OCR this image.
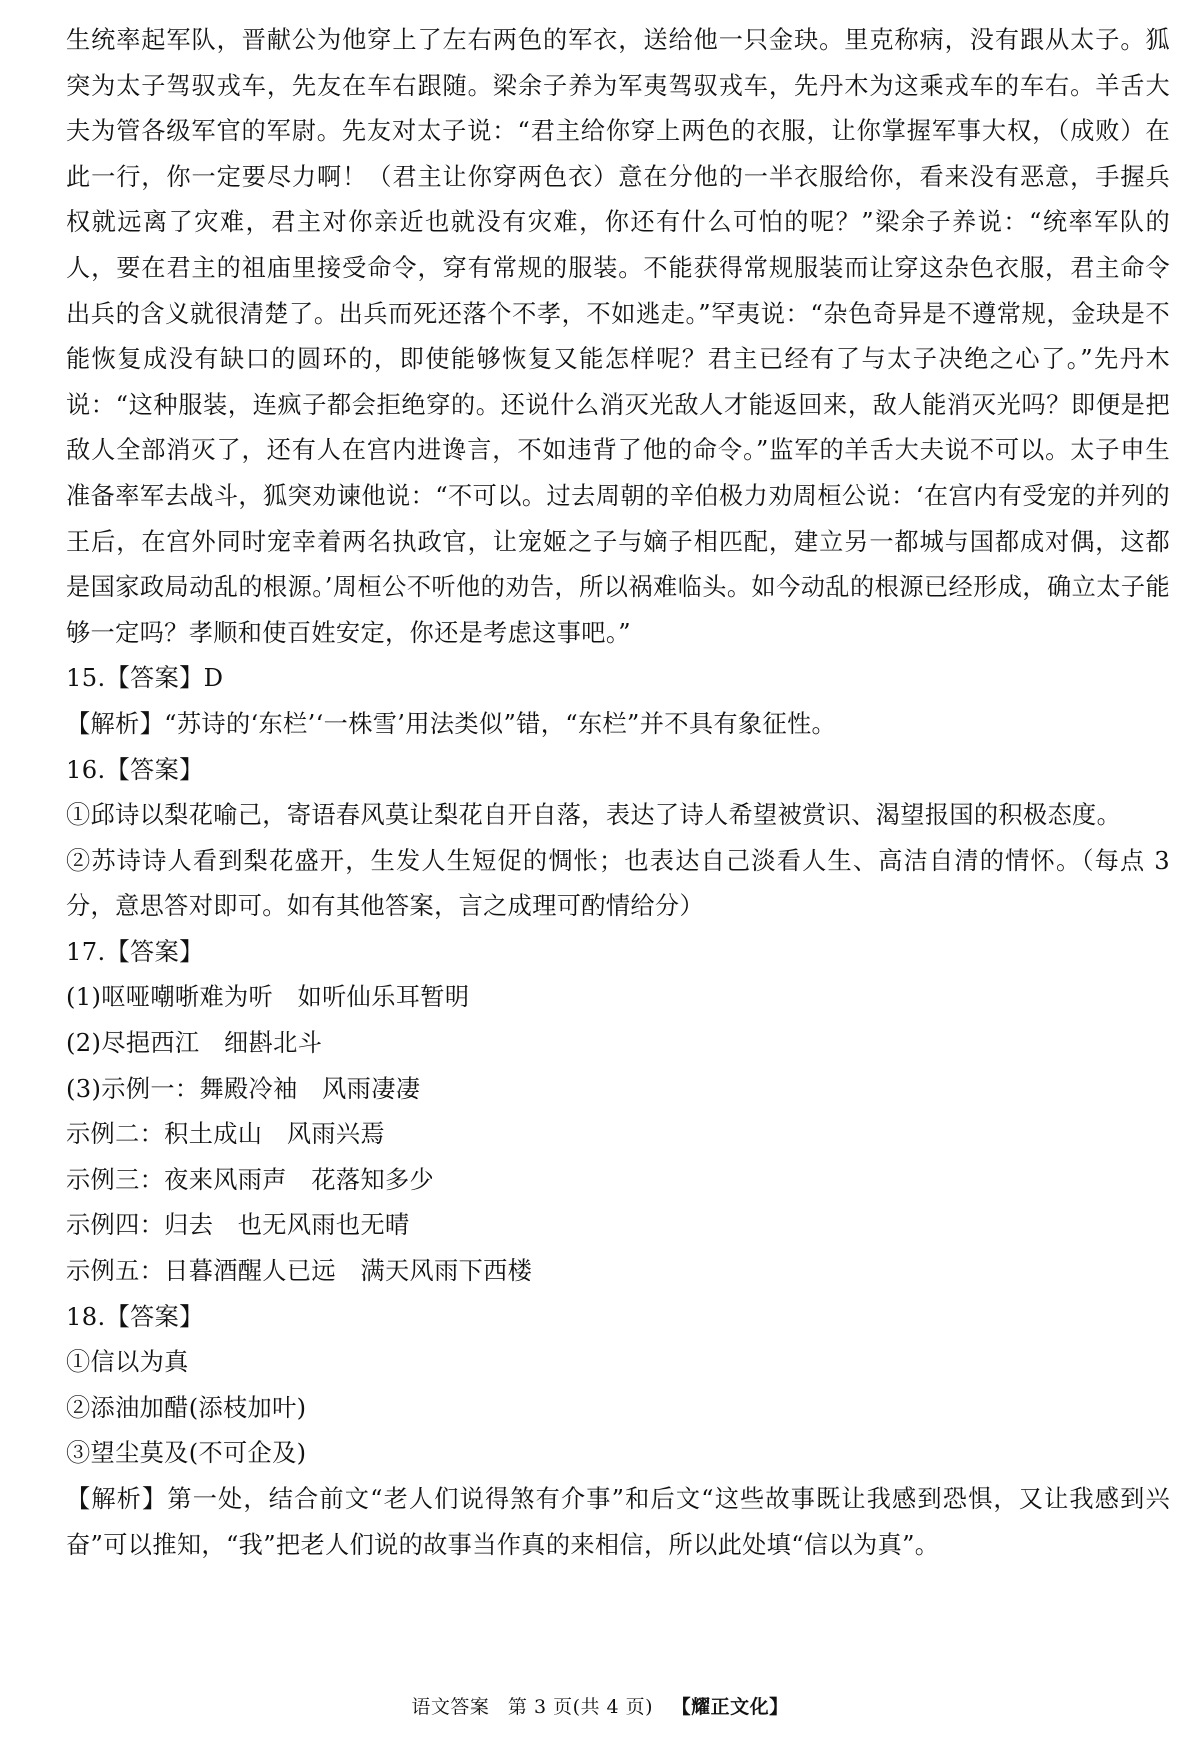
生统率起军队，晋献公为他穿上了左右两色的军衣，送给他一只金玦。里克称病，没有跟从太子。狐突为太子驾驭戎车，先友在车右跟随。梁余子养为军夷驾驭戎车，先丹木为这乘戎车的车右。羊舌大夫为管各级军官的军尉。先友对太子说：“君主给你穿上两色的衣服，让你掌握军事大权，（成败）在此一行，你一定要尽力啊！（君主让你穿两色衣）意在分他的一半衣服给你，看来没有恶意，手握兵权就远离了灾难，君主对你亲近也就没有灾难，你还有什么可怕的呢？”梁余子养说：“统率军队的人，要在君主的祖庙里接受命令，穿有常规的服装。不能获得常规服装而让穿这杂色衣服，君主命令出兵的含义就很清楚了。出兵而死还落个不孝，不如逃走。”罕夷说：“杂色奇异是不遵常规，金玦是不能恢复成没有缺口的圆环的，即使能够恢复又能怎样呢？君主已经有了与太子决绝之心了。”先丹木说：“这种服装，连疯子都会拒绝穿的。还说什么消灭光敌人才能返回来，敌人能消灭光吗？即便是把敌人全部消灭了，还有人在宫内进谗言，不如违背了他的命令。”监军的羊舌大夫说不可以。太子申生准备率军去战斗，狐突劝谏他说：“不可以。过去周朝的辛伯极力劝周桓公说：‘在宫内有受宠的并列的王后，在宫外同时宠幸着两名执政官，让宠姬之子与嫡子相匹配，建立另一都城与国都成对偶，这都是国家政局动乱的根源。’周桓公不听他的劝告，所以祸难临头。如今动乱的根源已经形成，确立太子能够一定吗？孝顺和使百姓安定，你还是考虑这事吧。”

15.【答案】D

【解析】“苏诗的‘东栏’‘一株雪’用法类似”错，“东栏”并不具有象征性。

16.【答案】

①邱诗以梨花喻己，寄语春风莫让梨花自开自落，表达了诗人希望被赏识、渴望报国的积极态度。

②苏诗诗人看到梨花盛开，生发人生短促的惆怅；也表达自己淡看人生、高洁自清的情怀。（每点 3 分，意思答对即可。如有其他答案，言之成理可酌情给分）

17.【答案】

(1)呕哑嘲哳难为听　如听仙乐耳暂明

(2)尽挹西江　细斟北斗

(3)示例一：舞殿冷袖　风雨凄凄

示例二：积土成山　风雨兴焉

示例三：夜来风雨声　花落知多少

示例四：归去　也无风雨也无晴

示例五：日暮酒醒人已远　满天风雨下西楼

18.【答案】

①信以为真

②添油加醋(添枝加叶)

③望尘莫及(不可企及)

【解析】第一处，结合前文“老人们说得煞有介事”和后文“这些故事既让我感到恐惧，又让我感到兴奋”可以推知，“我”把老人们说的故事当作真的来相信，所以此处填“信以为真”。

语文答案 第 3 页(共 4 页) 【耀正文化】
